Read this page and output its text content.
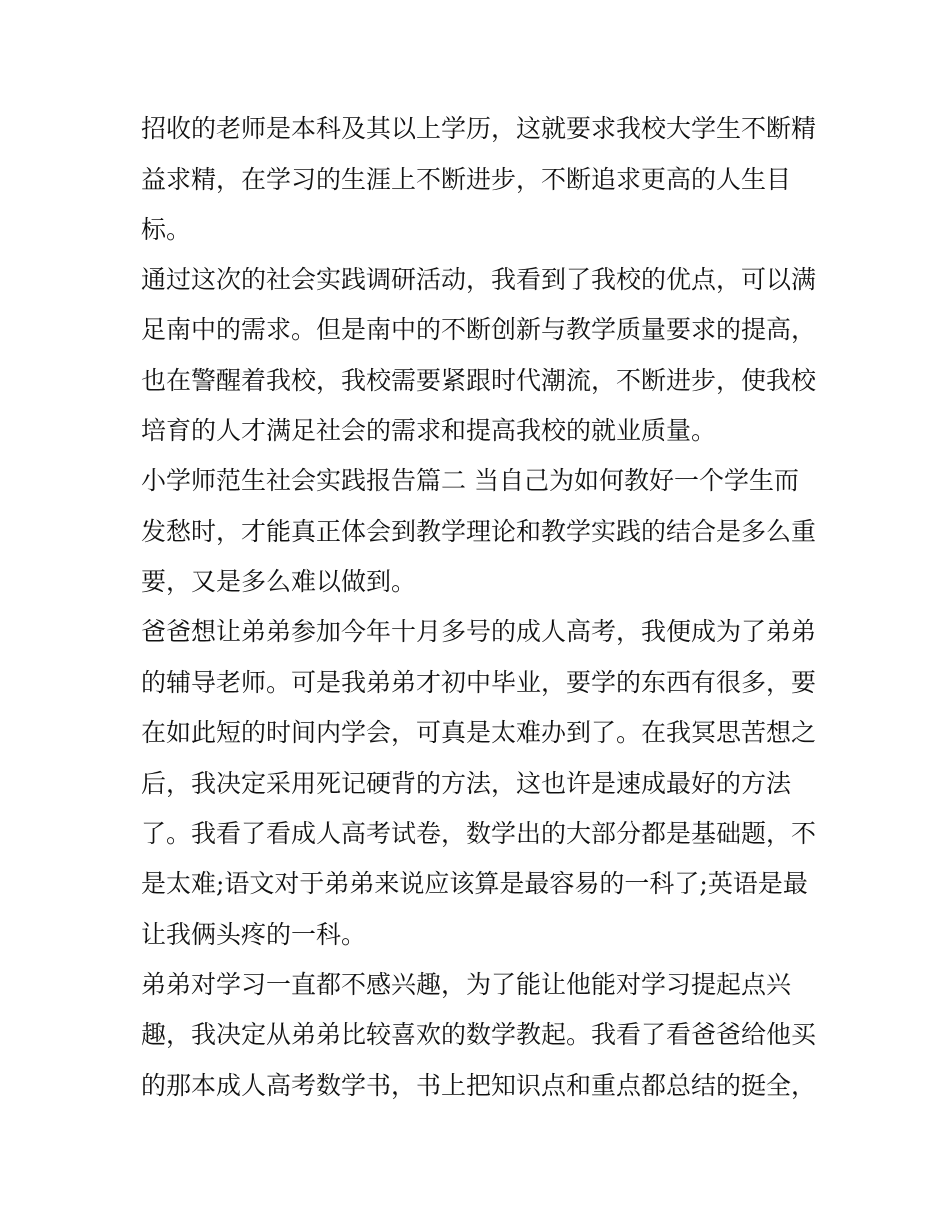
招收的老师是本科及其以上学历，这就要求我校大学生不断精
益求精，在学习的生涯上不断进步，不断追求更高的人生目
标。
通过这次的社会实践调研活动，我看到了我校的优点，可以满
足南中的需求。但是南中的不断创新与教学质量要求的提高，
也在警醒着我校，我校需要紧跟时代潮流，不断进步，使我校
培育的人才满足社会的需求和提高我校的就业质量。
小学师范生社会实践报告篇二 当自己为如何教好一个学生而
发愁时，才能真正体会到教学理论和教学实践的结合是多么重
要，又是多么难以做到。
爸爸想让弟弟参加今年十月多号的成人高考，我便成为了弟弟
的辅导老师。可是我弟弟才初中毕业，要学的东西有很多，要
在如此短的时间内学会，可真是太难办到了。在我冥思苦想之
后，我决定采用死记硬背的方法，这也许是速成最好的方法
了。我看了看成人高考试卷，数学出的大部分都是基础题，不
是太难;语文对于弟弟来说应该算是最容易的一科了;英语是最
让我俩头疼的一科。
弟弟对学习一直都不感兴趣，为了能让他能对学习提起点兴
趣，我决定从弟弟比较喜欢的数学教起。我看了看爸爸给他买
的那本成人高考数学书，书上把知识点和重点都总结的挺全，
